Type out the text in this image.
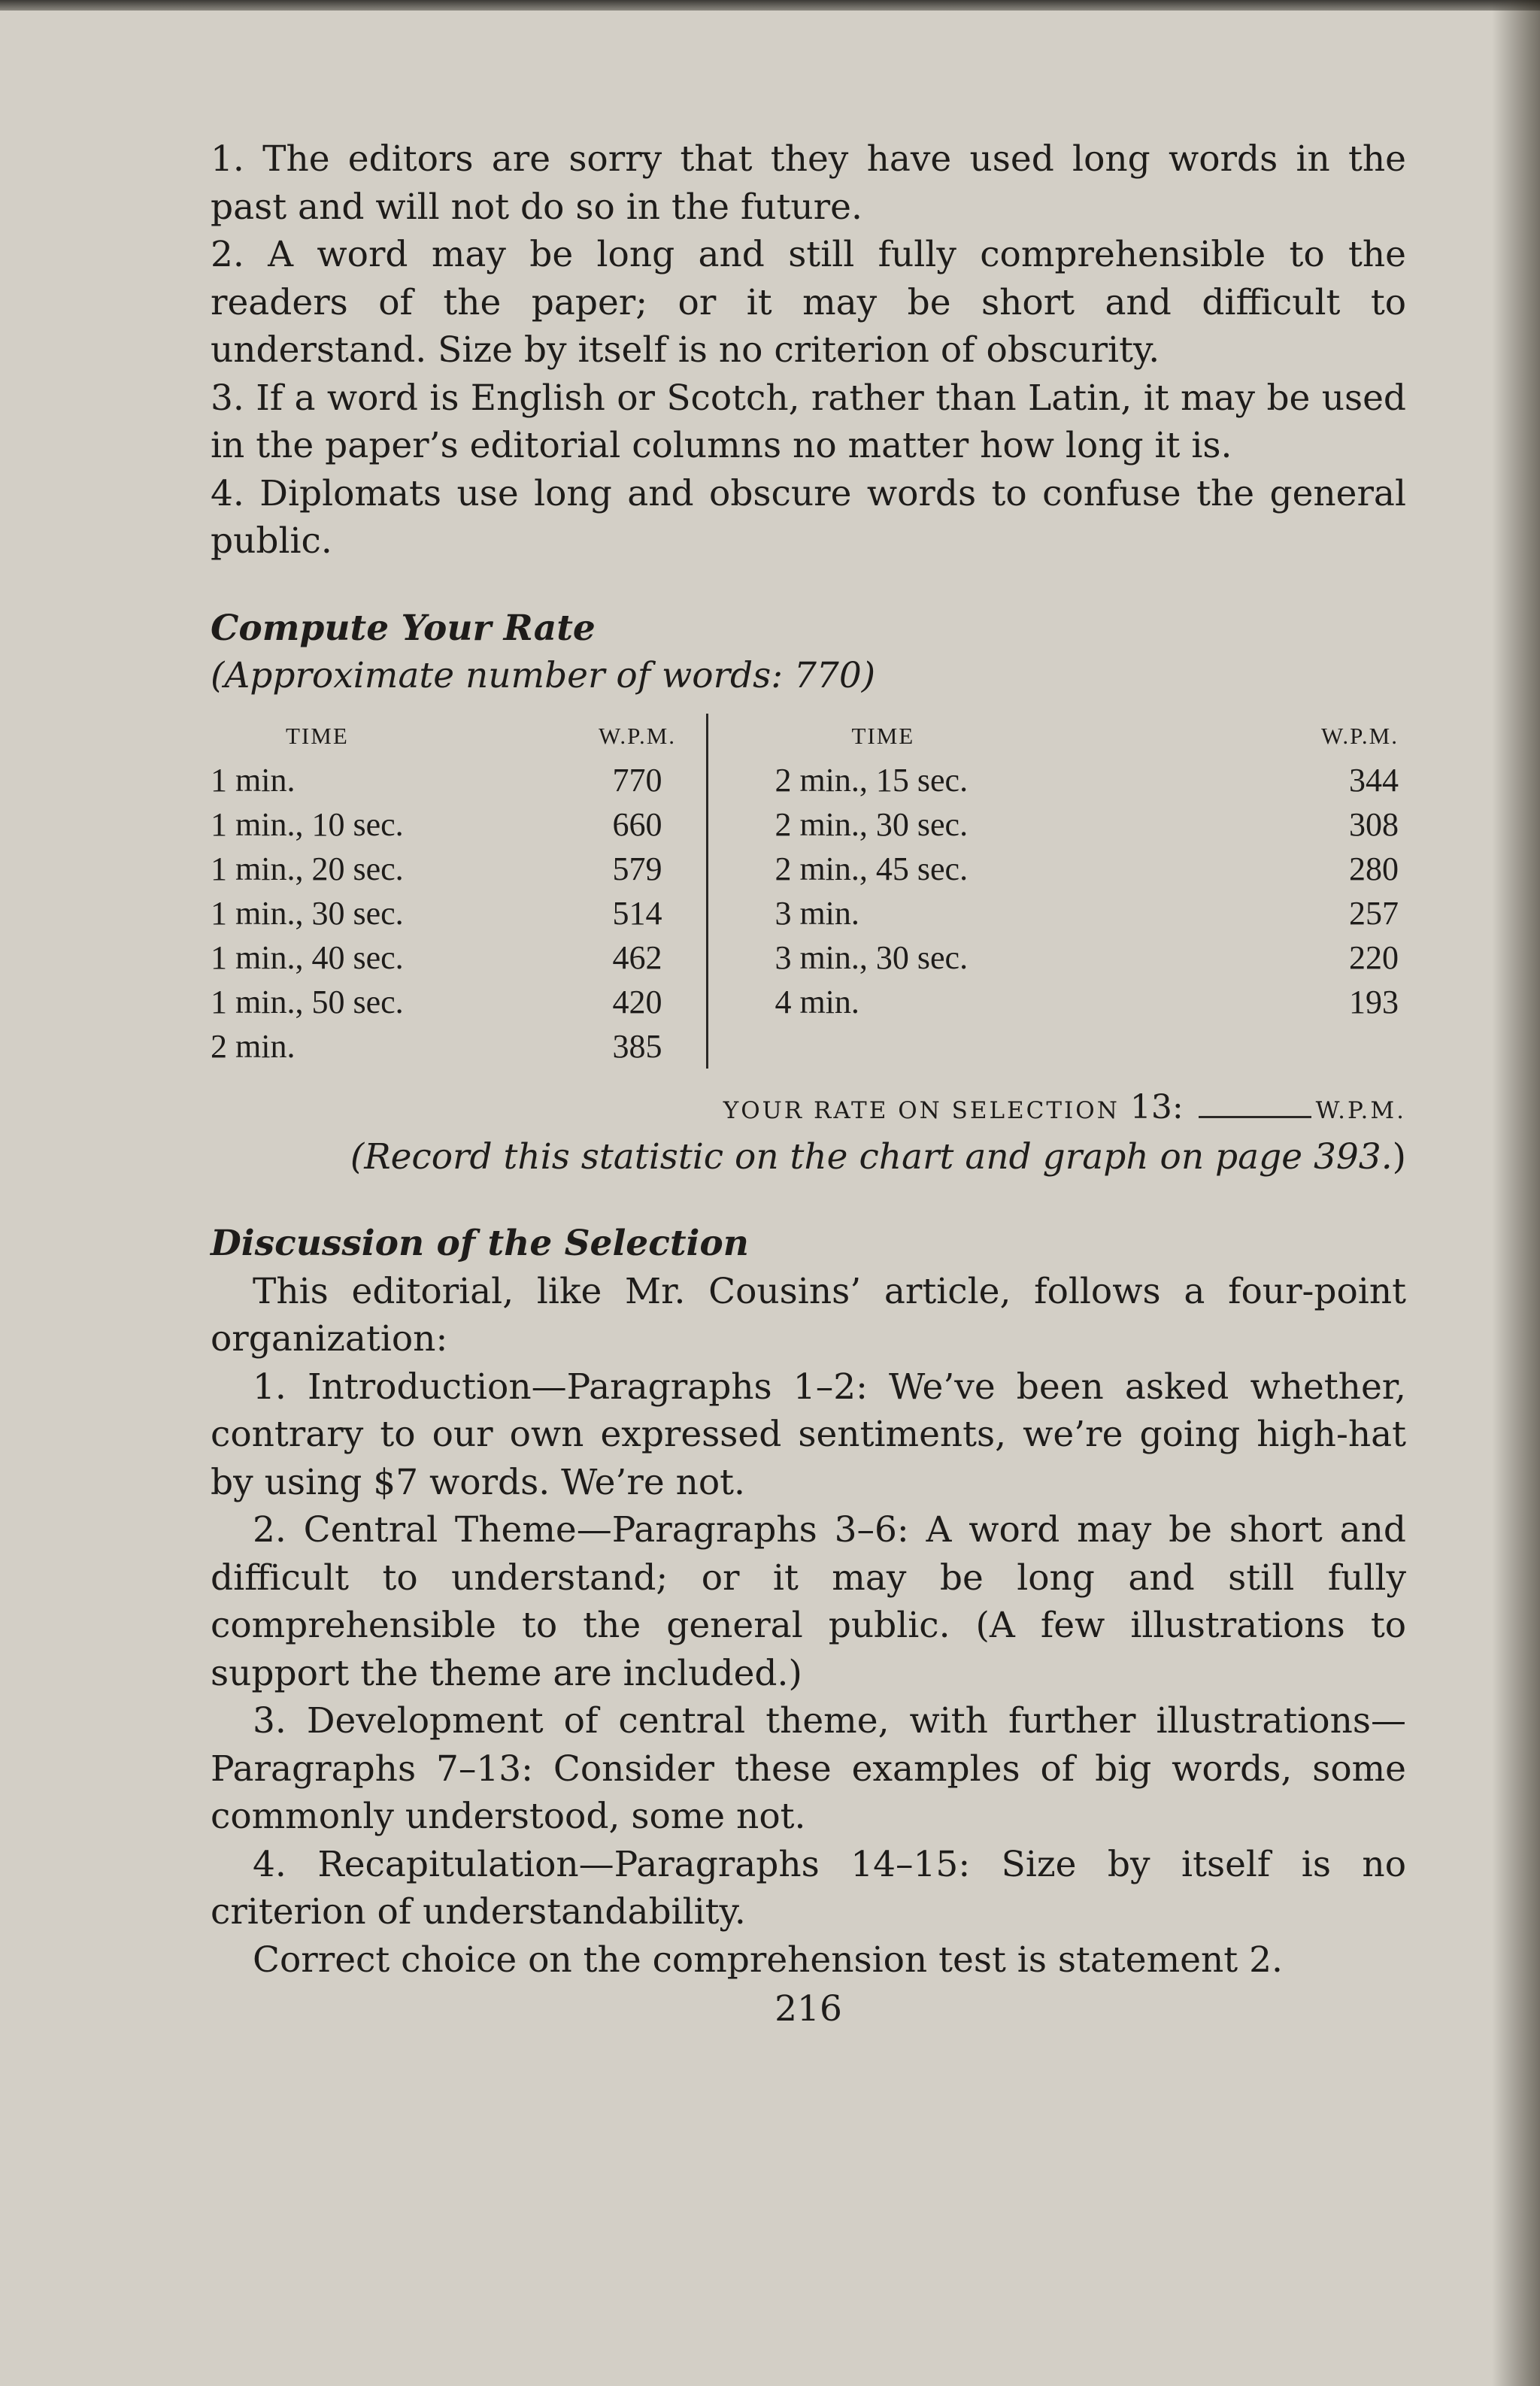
1. The editors are sorry that they have used long words in the past and will not do so in the future.

2. A word may be long and still fully comprehensible to the readers of the paper; or it may be short and difficult to understand. Size by itself is no criterion of obscurity.

3. If a word is English or Scotch, rather than Latin, it may be used in the paper’s editorial columns no matter how long it is.

4. Diplomats use long and obscure words to confuse the general public.

Compute Your Rate

(Approximate number of words: 770)

TIME	W.P.M.	TIME	W.P.M.
1 min.	770	2 min., 15 sec.	344
1 min., 10 sec.	660	2 min., 30 sec.	308
1 min., 20 sec.	579	2 min., 45 sec.	280
1 min., 30 sec.	514	3 min.	257
1 min., 40 sec.	462	3 min., 30 sec.	220
1 min., 50 sec.	420	4 min.	193
2 min.	385		

YOUR RATE ON SELECTION 13:	W.P.M.

(Record this statistic on the chart and graph on page 393.)

Discussion of the Selection

This editorial, like Mr. Cousins’ article, follows a four-point organization:

1. Introduction—Paragraphs 1–2: We’ve been asked whether, contrary to our own expressed sentiments, we’re going high-hat by using $7 words. We’re not.

2. Central Theme—Paragraphs 3–6: A word may be short and difficult to understand; or it may be long and still fully comprehensible to the general public. (A few illustrations to support the theme are included.)

3. Development of central theme, with further illustrations—Paragraphs 7–13: Consider these examples of big words, some commonly understood, some not.

4. Recapitulation—Paragraphs 14–15: Size by itself is no criterion of understandability.

Correct choice on the comprehension test is statement 2.

216
